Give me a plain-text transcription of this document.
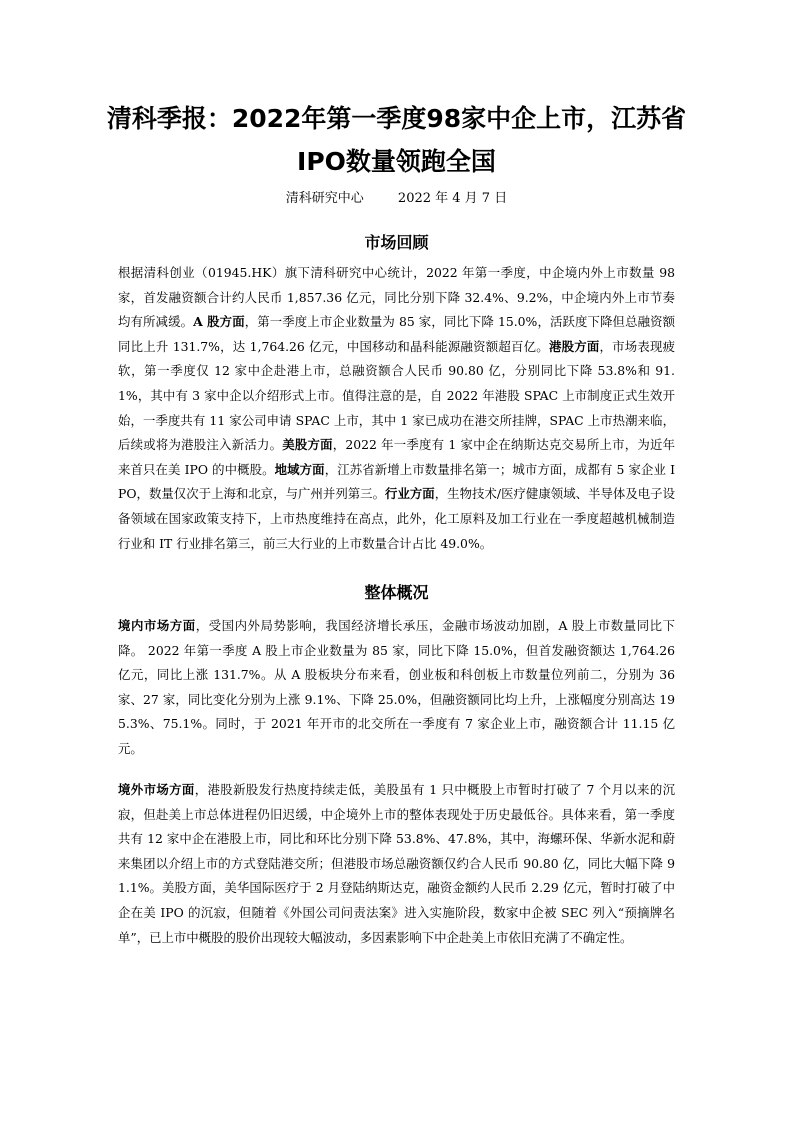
清科季报：2022年第一季度98家中企上市，江苏省
IPO数量领跑全国
清科研究中心	2022 年 4 月 7 日
市场回顾

根据清科创业（01945.HK）旗下清科研究中心统计，2022 年第一季度，中企境内外上市数量 98 家，首发融资额合计约人民币 1,857.36 亿元，同比分别下降 32.4%、9.2%，中企境内外上市节奏均有所减缓。A 股方面，第一季度上市企业数量为 85 家，同比下降 15.0%，活跃度下降但总融资额同比上升 131.7%，达 1,764.26 亿元，中国移动和晶科能源融资额超百亿。港股方面，市场表现疲软，第一季度仅 12 家中企赴港上市，总融资额合人民币 90.80 亿，分别同比下降 53.8%和 91.1%，其中有 3 家中企以介绍形式上市。值得注意的是，自 2022 年港股 SPAC 上市制度正式生效开始，一季度共有 11 家公司申请 SPAC 上市，其中 1 家已成功在港交所挂牌，SPAC 上市热潮来临，后续或将为港股注入新活力。美股方面，2022 年一季度有 1 家中企在纳斯达克交易所上市，为近年来首只在美 IPO 的中概股。地域方面，江苏省新增上市数量排名第一；城市方面，成都有 5 家企业 IPO，数量仅次于上海和北京，与广州并列第三。行业方面，生物技术/医疗健康领域、半导体及电子设备领域在国家政策支持下，上市热度维持在高点，此外，化工原料及加工行业在一季度超越机械制造行业和 IT 行业排名第三，前三大行业的上市数量合计占比 49.0%。

整体概况

境内市场方面，受国内外局势影响，我国经济增长承压，金融市场波动加剧，A 股上市数量同比下降。 2022 年第一季度 A 股上市企业数量为 85 家，同比下降 15.0%，但首发融资额达 1,764.26 亿元，同比上涨 131.7%。从 A 股板块分布来看，创业板和科创板上市数量位列前二，分别为 36 家、27 家，同比变化分别为上涨 9.1%、下降 25.0%，但融资额同比均上升，上涨幅度分别高达 195.3%、75.1%。同时，于 2021 年开市的北交所在一季度有 7 家企业上市，融资额合计 11.15 亿元。

境外市场方面，港股新股发行热度持续走低，美股虽有 1 只中概股上市暂时打破了 7 个月以来的沉寂，但赴美上市总体进程仍旧迟缓，中企境外上市的整体表现处于历史最低谷。具体来看，第一季度共有 12 家中企在港股上市，同比和环比分别下降 53.8%、47.8%，其中，海螺环保、华新水泥和蔚来集团以介绍上市的方式登陆港交所；但港股市场总融资额仅约合人民币 90.80 亿，同比大幅下降 91.1%。美股方面，美华国际医疗于 2 月登陆纳斯达克，融资金额约人民币 2.29 亿元，暂时打破了中企在美 IPO 的沉寂，但随着《外国公司问责法案》进入实施阶段，数家中企被 SEC 列入“预摘牌名单”，已上市中概股的股价出现较大幅波动，多因素影响下中企赴美上市依旧充满了不确定性。
